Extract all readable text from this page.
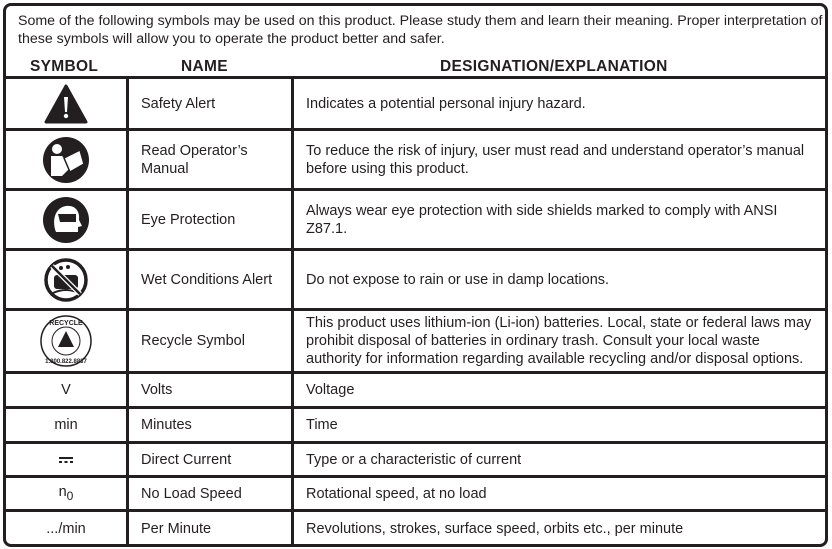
Some of the following symbols may be used on this product. Please study them and learn their meaning. Proper interpretation of these symbols will allow you to operate the product better and safer.
SYMBOL	NAME	DESIGNATION/EXPLANATION
	Safety Alert	Indicates a potential personal injury hazard.

	Read Operator’s Manual	To reduce the risk of injury, user must read and understand operator’s manual before using this product.

	Eye Protection	Always wear eye protection with side shields marked to comply with ANSI Z87.1.

	Wet Conditions Alert	Do not expose to rain or use in damp locations.

RECYCLE
1.800.822.8837	Recycle Symbol	This product uses lithium-ion (Li-ion) batteries. Local, state or federal laws may prohibit disposal of batteries in ordinary trash. Consult your local waste authority for information regarding available recycling and/or disposal options.
V	Volts	Voltage
min	Minutes	Time

	Direct Current	Type or a characteristic of current
$n_0$	No Load Speed	Rotational speed, at no load
.../min	Per Minute	Revolutions, strokes, surface speed, orbits etc., per minute
